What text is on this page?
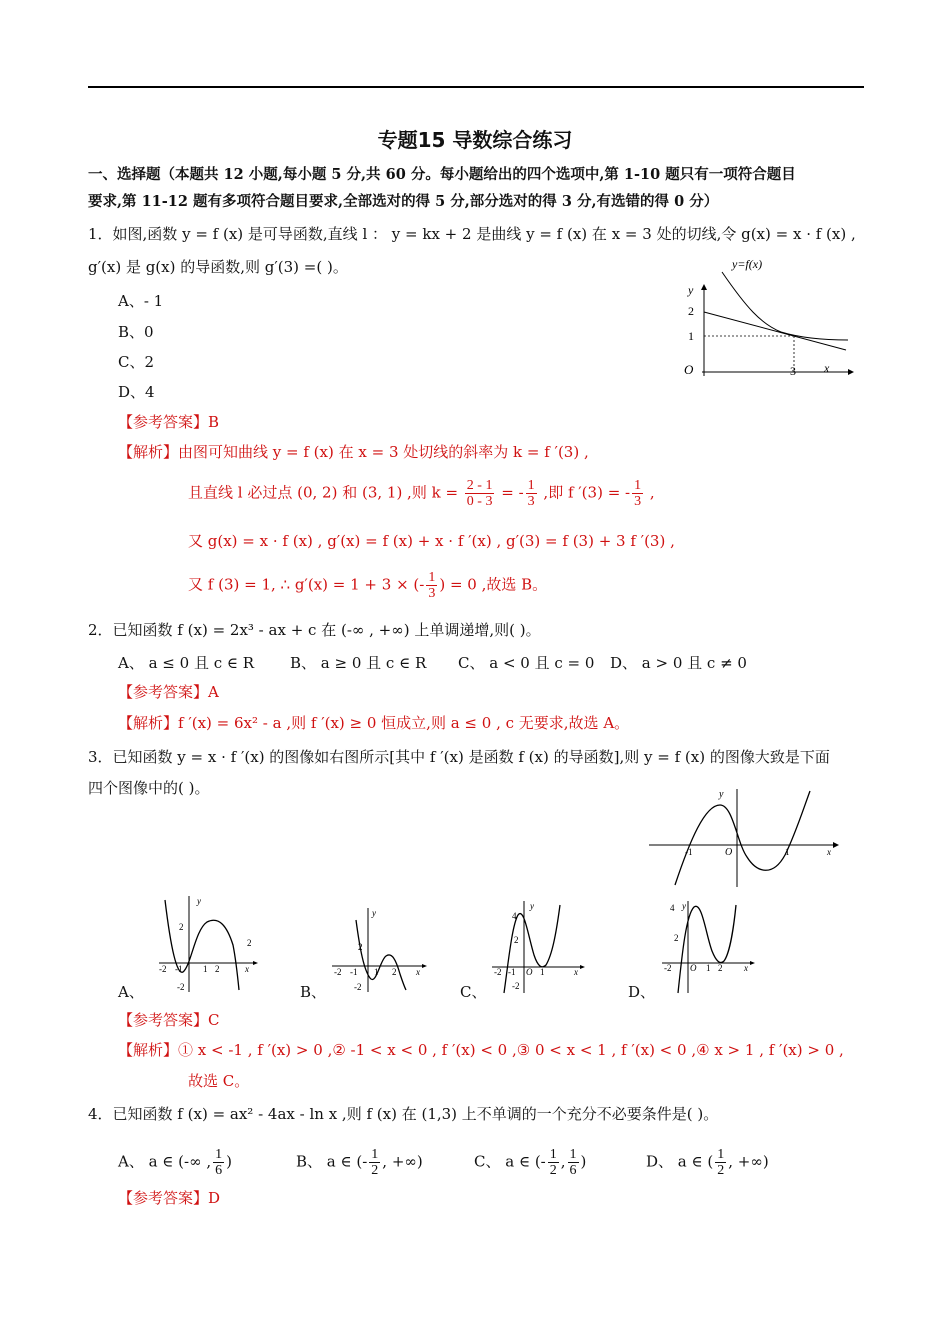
专题15 导数综合练习
一、选择题（本题共 12 小题,每小题 5 分,共 60 分。每小题给出的四个选项中,第 1-10 题只有一项符合题目
要求,第 11-12 题有多项符合题目要求,全部选对的得 5 分,部分选对的得 3 分,有选错的得 0 分）
1．如图,函数 y = f (x) 是可导函数,直线 l ： y = kx + 2 是曲线 y = f (x) 在 x = 3 处的切线,令 g(x) = x · f (x) ,
g′(x) 是 g(x) 的导函数,则 g′(3) =( )。
A、- 1
B、0
C、2
D、4
【参考答案】B
【解析】由图可知曲线 y = f (x) 在 x = 3 处切线的斜率为 k = f ′(3) ,
且直线 l 必过点 (0, 2) 和 (3, 1) ,则 $k = \frac{2 - 1}{0 - 3}$ = - $\frac{1}{3}$ ,即 f ′(3) = - $\frac{1}{3}$ ,
又 g(x) = x · f (x) , g′(x) = f (x) + x · f ′(x) , g′(3) = f (3) + 3 f ′(3) ,
又 f (3) = 1, ∴ g′(x) = 1 + 3 × (- $\frac{1}{3}$ ) = 0 ,故选 B。
y=f(x)
y
2
1
O	3 x
2．已知函数 f (x) = 2x³ - ax + c 在 (-∞ , +∞) 上单调递增,则( )。
A、 a ≤ 0 且 c ∈ R B、 a ≥ 0 且 c ∈ R C、 a < 0 且 c = 0 D、 a > 0 且 c ≠ 0
【参考答案】A
【解析】f ′(x) = 6x² - a ,则 f ′(x) ≥ 0 恒成立,则 a ≤ 0 , c 无要求,故选 A。
3．已知函数 y = x · f ′(x) 的图像如右图所示[其中 f ′(x) 是函数 f (x) 的导函数],则 y = f (x) 的图像大致是下面
四个图像中的( )。	y
-1	O	1	x
y
2
2
-2 -1 1 2
-2
x
y
2
-2 -1 1 2
-2
x
y
4
2
-2 -1 O 1
-2
x
y
4
2
-2 O 1 2 x
A、	B、	C、	D、
【参考答案】C
【解析】① x < -1 , f ′(x) > 0 ,② -1 < x < 0 , f ′(x) < 0 ,③ 0 < x < 1 , f ′(x) < 0 ,④ x > 1 , f ′(x) > 0 ,
故选 C。
4．已知函数 f (x) = ax² - 4ax - ln x ,则 f (x) 在 (1,3) 上不单调的一个充分不必要条件是( )。
A、 a ∈ (-∞ , $\frac{1}{6}$ )	B、 a ∈ (- $\frac{1}{2}$ , +∞)	C、 a ∈ (- $\frac{1}{2}$ , $\frac{1}{6}$ )	D、 a ∈ ( $\frac{1}{2}$ , +∞)
【参考答案】D
